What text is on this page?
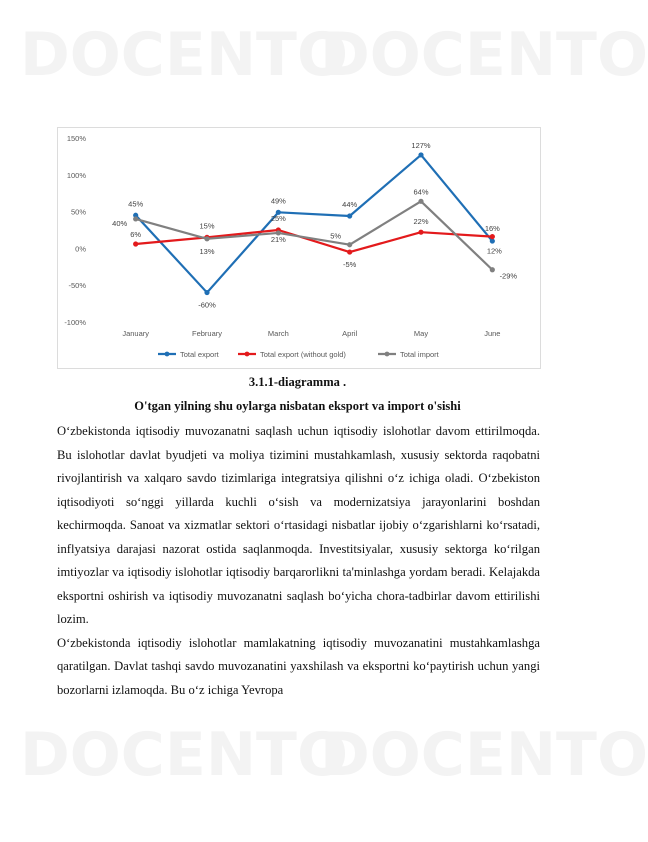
DOCENTO
DOCENTO
DOCENTO
DOCENTO
150%
100%
50%
0%
-50%
-100%
January	February	March	April	May	June
45%
-60%
49%	44%
127%
16%
6%
15%
25%
-5%
22%
12%
40%
13%
21%	5%
64%
-29%
Total export	Total export (without gold)	Total import
3.1.1-diagramma .
O'tgan yilning shu oylarga nisbatan eksport va import o'sishi

O‘zbekistonda iqtisodiy muvozanatni saqlash uchun iqtisodiy islohotlar davom ettirilmoqda. Bu islohotlar davlat byudjeti va moliya tizimini mustahkamlash, xususiy sektorda raqobatni rivojlantirish va xalqaro savdo tizimlariga integratsiya qilishni o‘z ichiga oladi. O‘zbekiston iqtisodiyoti so‘nggi yillarda kuchli o‘sish va modernizatsiya jarayonlarini boshdan kechirmoqda. Sanoat va xizmatlar sektori o‘rtasidagi nisbatlar ijobiy o‘zgarishlarni ko‘rsatadi, inflyatsiya darajasi nazorat ostida saqlanmoqda. Investitsiyalar, xususiy sektorga ko‘rilgan imtiyozlar va iqtisodiy islohotlar iqtisodiy barqarorlikni ta'minlashga yordam beradi. Kelajakda eksportni oshirish va iqtisodiy muvozanatni saqlash bo‘yicha chora-tadbirlar davom ettirilishi lozim.

O‘zbekistonda iqtisodiy islohotlar mamlakatning iqtisodiy muvozanatini mustahkamlashga qaratilgan. Davlat tashqi savdo muvozanatini yaxshilash va eksportni ko‘paytirish uchun yangi bozorlarni izlamoqda. Bu o‘z ichiga Yevropa
